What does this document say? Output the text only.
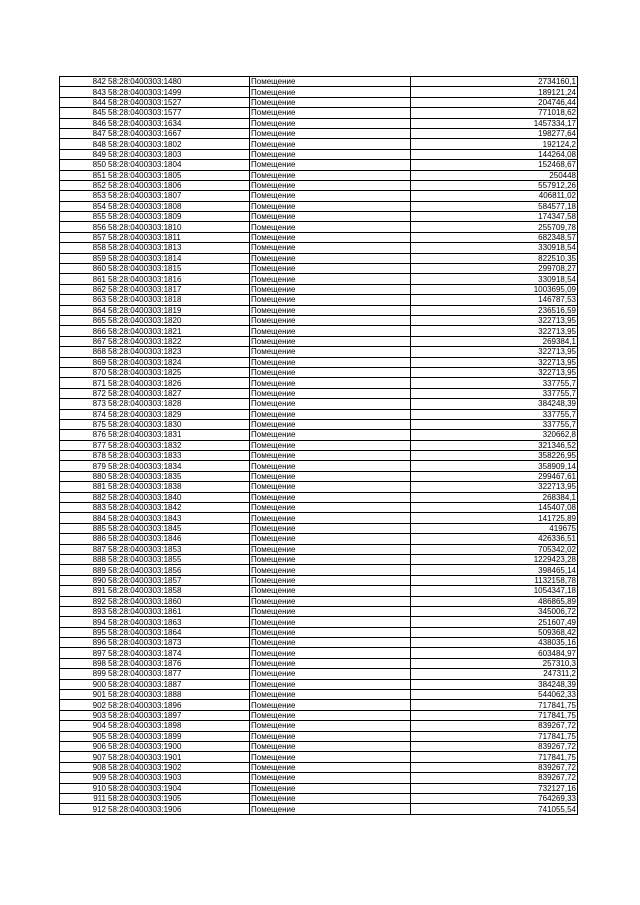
842	58:28:0400303:1480	Помещение	2734160,1
843	58:28:0400303:1499	Помещение	189121,24
844	58:28:0400303:1527	Помещение	204746,44
845	58:28:0400303:1577	Помещение	771018,62
846	58:28:0400303:1634	Помещение	1457334,17
847	58:28:0400303:1667	Помещение	198277,64
848	58:28:0400303:1802	Помещение	192124,2
849	58:28:0400303:1803	Помещение	144264,08
850	58:28:0400303:1804	Помещение	152468,67
851	58:28:0400303:1805	Помещение	250448
852	58:28:0400303:1806	Помещение	557912,26
853	58:28:0400303:1807	Помещение	406811,02
854	58:28:0400303:1808	Помещение	584577,18
855	58:28:0400303:1809	Помещение	174347,58
856	58:28:0400303:1810	Помещение	255709,78
857	58:28:0400303:1811	Помещение	682348,57
858	58:28:0400303:1813	Помещение	330918,54
859	58:28:0400303:1814	Помещение	822510,35
860	58:28:0400303:1815	Помещение	299708,27
861	58:28:0400303:1816	Помещение	330918,54
862	58:28:0400303:1817	Помещение	1003695,09
863	58:28:0400303:1818	Помещение	146787,53
864	58:28:0400303:1819	Помещение	236516,59
865	58:28:0400303:1820	Помещение	322713,95
866	58:28:0400303:1821	Помещение	322713,95
867	58:28:0400303:1822	Помещение	269384,1
868	58:28:0400303:1823	Помещение	322713,95
869	58:28:0400303:1824	Помещение	322713,95
870	58:28:0400303:1825	Помещение	322713,95
871	58:28:0400303:1826	Помещение	337755,7
872	58:28:0400303:1827	Помещение	337755,7
873	58:28:0400303:1828	Помещение	384248,39
874	58:28:0400303:1829	Помещение	337755,7
875	58:28:0400303:1830	Помещение	337755,7
876	58:28:0400303:1831	Помещение	320662,8
877	58:28:0400303:1832	Помещение	321346,52
878	58:28:0400303:1833	Помещение	358226,95
879	58:28:0400303:1834	Помещение	358909,14
880	58:28:0400303:1835	Помещение	299467,61
881	58:28:0400303:1838	Помещение	322713,95
882	58:28:0400303:1840	Помещение	268384,1
883	58:28:0400303:1842	Помещение	145407,08
884	58:28:0400303:1843	Помещение	141725,89
885	58:28:0400303:1845	Помещение	419675
886	58:28:0400303:1846	Помещение	426336,51
887	58:28:0400303:1853	Помещение	705342,02
888	58:28:0400303:1855	Помещение	1229423,28
889	58:28:0400303:1856	Помещение	398465,14
890	58:28:0400303:1857	Помещение	1132158,78
891	58:28:0400303:1858	Помещение	1054347,18
892	58:28:0400303:1860	Помещение	486865,89
893	58:28:0400303:1861	Помещение	345006,72
894	58:28:0400303:1863	Помещение	251607,49
895	58:28:0400303:1864	Помещение	509368,42
896	58:28:0400303:1873	Помещение	438035,16
897	58:28:0400303:1874	Помещение	603484,97
898	58:28:0400303:1876	Помещение	257310,3
899	58:28:0400303:1877	Помещение	247311,2
900	58:28:0400303:1887	Помещение	384248,39
901	58:28:0400303:1888	Помещение	544062,33
902	58:28:0400303:1896	Помещение	717841,75
903	58:28:0400303:1897	Помещение	717841,75
904	58:28:0400303:1898	Помещение	839267,72
905	58:28:0400303:1899	Помещение	717841,75
906	58:28:0400303:1900	Помещение	839267,72
907	58:28:0400303:1901	Помещение	717841,75
908	58:28:0400303:1902	Помещение	839267,72
909	58:28:0400303:1903	Помещение	839267,72
910	58:28:0400303:1904	Помещение	732127,16
911	58:28:0400303:1905	Помещение	764269,33
912	58:28:0400303:1906	Помещение	741055,54
